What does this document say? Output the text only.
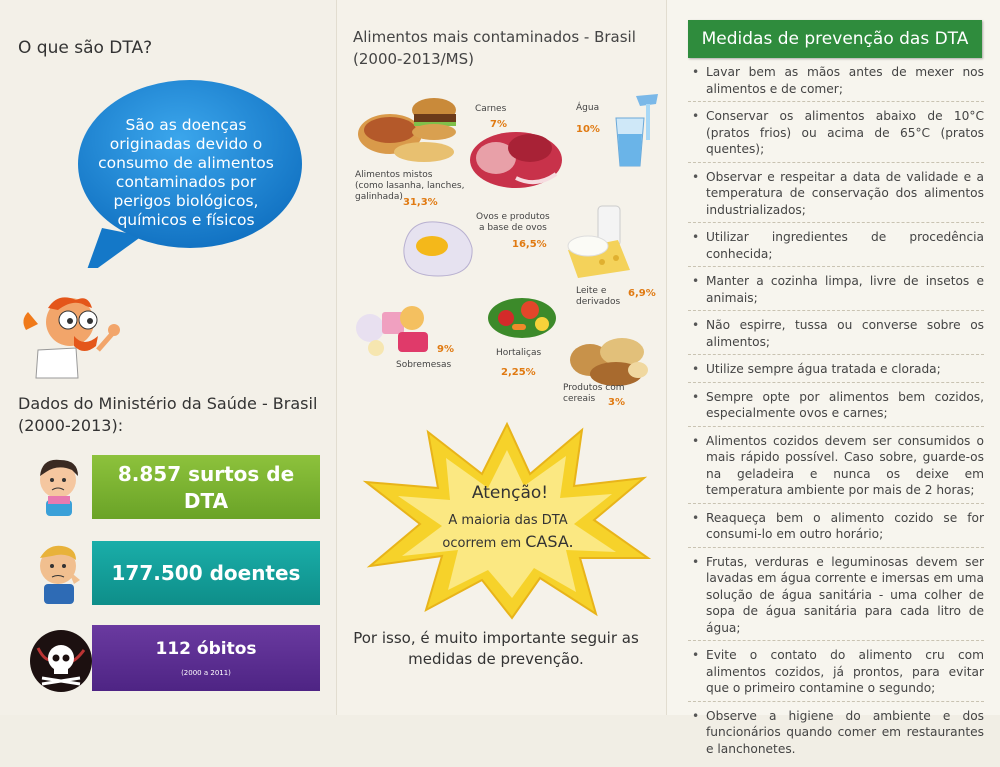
O que são DTA?
São as doenças originadas devido o consumo de alimentos contaminados por perigos biológicos, químicos e físicos
Dados do Ministério da Saúde - Brasil
(2000-2013):
8.857 surtos de
DTA
177.500 doentes
112 óbitos
(2000 a 2011)
Alimentos mais contaminados - Brasil
(2000-2013/MS)
Alimentos mistos
(como lasanha, lanches,
galinhada) 31,3%
Carnes
7%
Água
10%
Ovos e produtos
a base de ovos
16,5%
Leite e
derivados
6,9%
9%
Sobremesas
Hortaliças
2,25%
Produtos com
cereais	3%
Atenção!
A maioria das DTA
ocorrem em CASA.
Por isso, é muito importante seguir as
medidas de prevenção.
Medidas de prevenção das DTA
• Lavar bem as mãos antes de mexer nos alimentos e de comer;
• Conservar os alimentos abaixo de 10°C (pratos frios) ou acima de 65°C (pratos quentes);
• Observar e respeitar a data de validade e a temperatura de conservação dos alimentos industrializados;
• Utilizar ingredientes de procedência conhecida;
• Manter a cozinha limpa, livre de insetos e animais;
• Não espirre, tussa ou converse sobre os alimentos;
• Utilize sempre água tratada e clorada;
• Sempre opte por alimentos bem cozidos, especialmente ovos e carnes;
• Alimentos cozidos devem ser consumidos o mais rápido possível. Caso sobre, guarde-os na geladeira e nunca os deixe em temperatura ambiente por mais de 2 horas;
• Reaqueça bem o alimento cozido se for consumi-lo em outro horário;
• Frutas, verduras e leguminosas devem ser lavadas em água corrente e imersas em uma solução de água sanitária - uma colher de sopa de água sanitária para cada litro de água;
• Evite o contato do alimento cru com alimentos cozidos, já prontos, para evitar que o primeiro contamine o segundo;
• Observe a higiene do ambiente e dos funcionários quando comer em restaurantes e lanchonetes.
